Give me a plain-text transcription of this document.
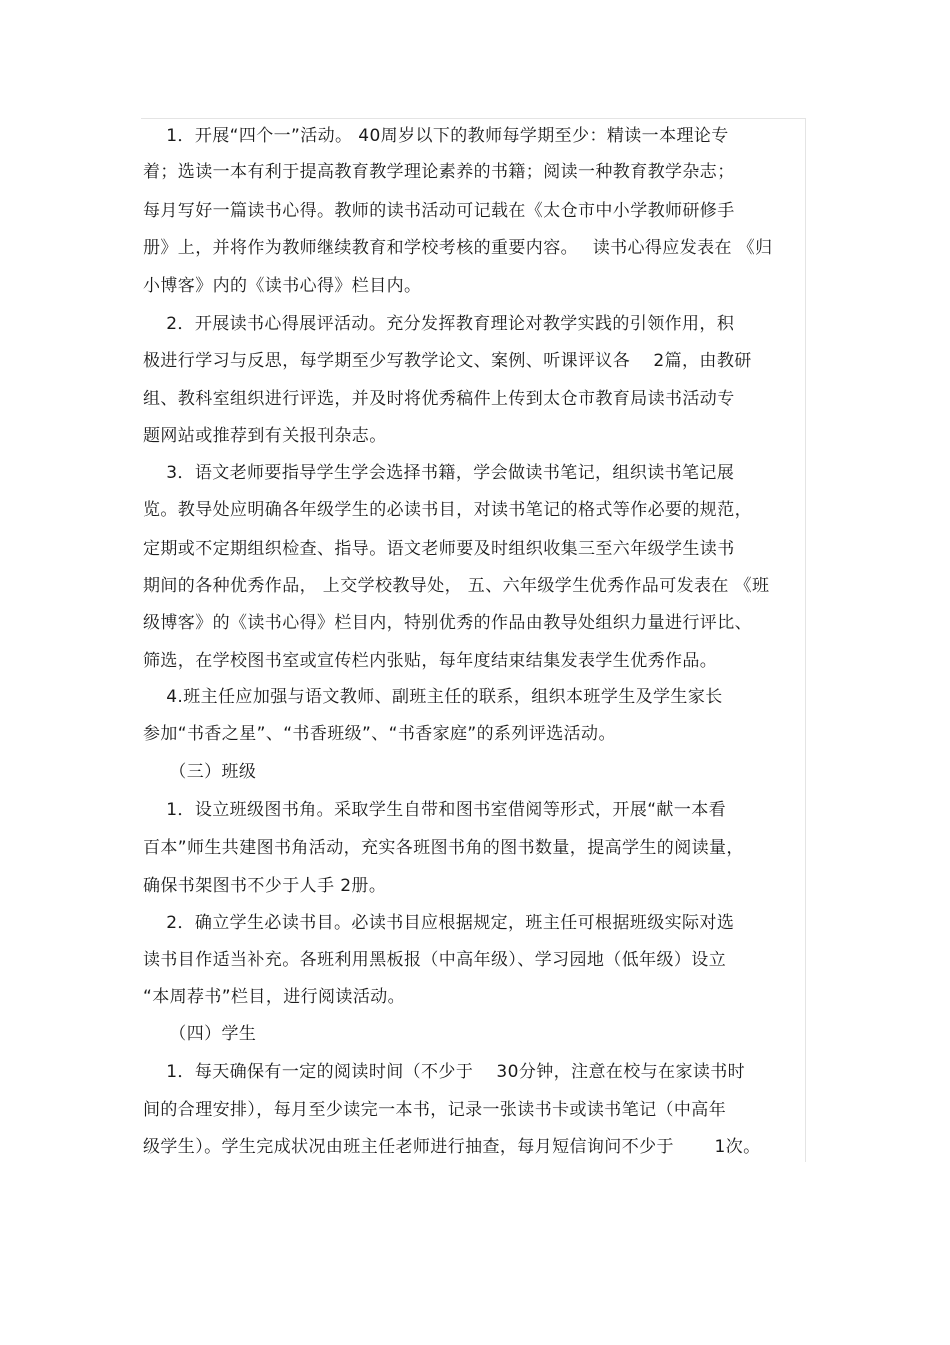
　 1．开展“四个一”活动。 40周岁以下的教师每学期至少：精读一本理论专
着；选读一本有利于提高教育教学理论素养的书籍；阅读一种教育教学杂志；
每月写好一篇读书心得。教师的读书活动可记载在《太仓市中小学教师研修手
册》上，并将作为教师继续教育和学校考核的重要内容。　 读书心得应发表在 《归
小博客》内的《读书心得》栏目内。
　 2．开展读书心得展评活动。充分发挥教育理论对教学实践的引领作用，积
极进行学习与反思，每学期至少写教学论文、案例、听课评议各　 2篇，由教研
组、教科室组织进行评选，并及时将优秀稿件上传到太仓市教育局读书活动专
题网站或推荐到有关报刊杂志。
　 3．语文老师要指导学生学会选择书籍，学会做读书笔记，组织读书笔记展
览。教导处应明确各年级学生的必读书目，对读书笔记的格式等作必要的规范，
定期或不定期组织检查、指导。语文老师要及时组织收集三至六年级学生读书
期间的各种优秀作品， 上交学校教导处， 五、六年级学生优秀作品可发表在 《班
级博客》的《读书心得》栏目内，特别优秀的作品由教导处组织力量进行评比、
筛选，在学校图书室或宣传栏内张贴，每年度结束结集发表学生优秀作品。
　 4.班主任应加强与语文教师、副班主任的联系，组织本班学生及学生家长
参加“书香之星”、“书香班级”、“书香家庭”的系列评选活动。
　　（三）班级
　 1．设立班级图书角。采取学生自带和图书室借阅等形式，开展“献一本看
百本”师生共建图书角活动，充实各班图书角的图书数量，提高学生的阅读量，
确保书架图书不少于人手 2册。
　 2．确立学生必读书目。必读书目应根据规定，班主任可根据班级实际对选
读书目作适当补充。各班利用黑板报（中高年级）、学习园地（低年级）设立
“本周荐书”栏目，进行阅读活动。
　　（四）学生
　 1．每天确保有一定的阅读时间（不少于　 30分钟，注意在校与在家读书时
间的合理安排），每月至少读完一本书，记录一张读书卡或读书笔记（中高年
级学生）。学生完成状况由班主任老师进行抽查，每月短信询问不少于　　 1次。
